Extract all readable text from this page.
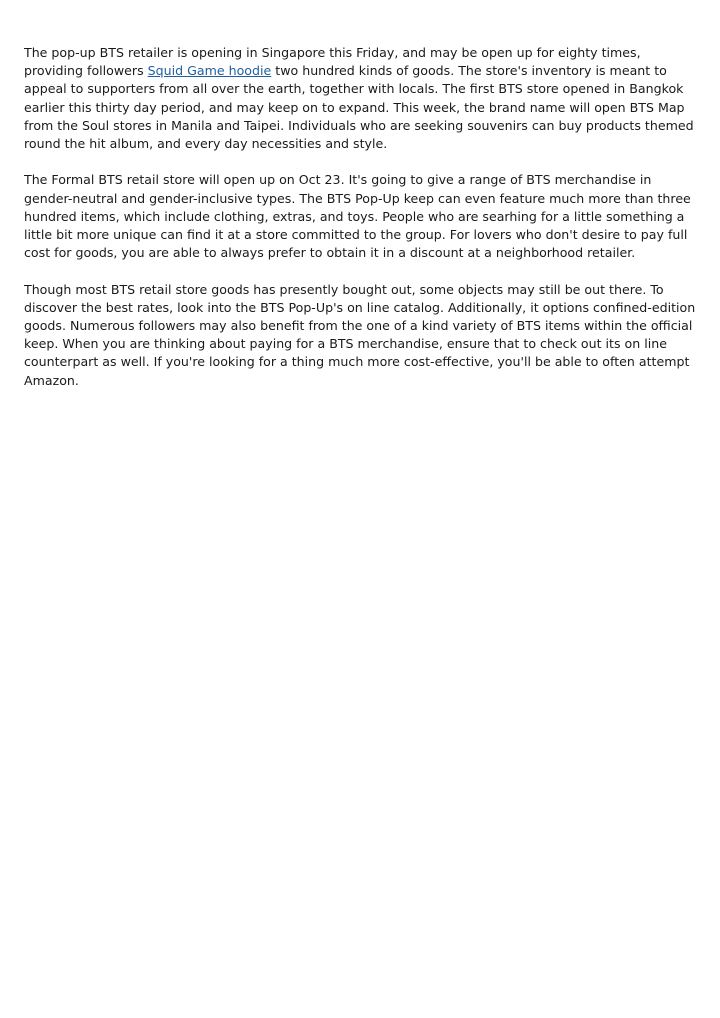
The pop-up BTS retailer is opening in Singapore this Friday, and may be open up for eighty times, providing followers Squid Game hoodie two hundred kinds of goods. The store's inventory is meant to appeal to supporters from all over the earth, together with locals. The first BTS store opened in Bangkok earlier this thirty day period, and may keep on to expand. This week, the brand name will open BTS Map from the Soul stores in Manila and Taipei. Individuals who are seeking souvenirs can buy products themed round the hit album, and every day necessities and style.

The Formal BTS retail store will open up on Oct 23. It's going to give a range of BTS merchandise in gender-neutral and gender-inclusive types. The BTS Pop-Up keep can even feature much more than three hundred items, which include clothing, extras, and toys. People who are searhing for a little something a little bit more unique can find it at a store committed to the group. For lovers who don't desire to pay full cost for goods, you are able to always prefer to obtain it in a discount at a neighborhood retailer.

Though most BTS retail store goods has presently bought out, some objects may still be out there. To discover the best rates, look into the BTS Pop-Up's on line catalog. Additionally, it options confined-edition goods. Numerous followers may also benefit from the one of a kind variety of BTS items within the official keep. When you are thinking about paying for a BTS merchandise, ensure that to check out its on line counterpart as well. If you're looking for a thing much more cost-effective, you'll be able to often attempt Amazon.
